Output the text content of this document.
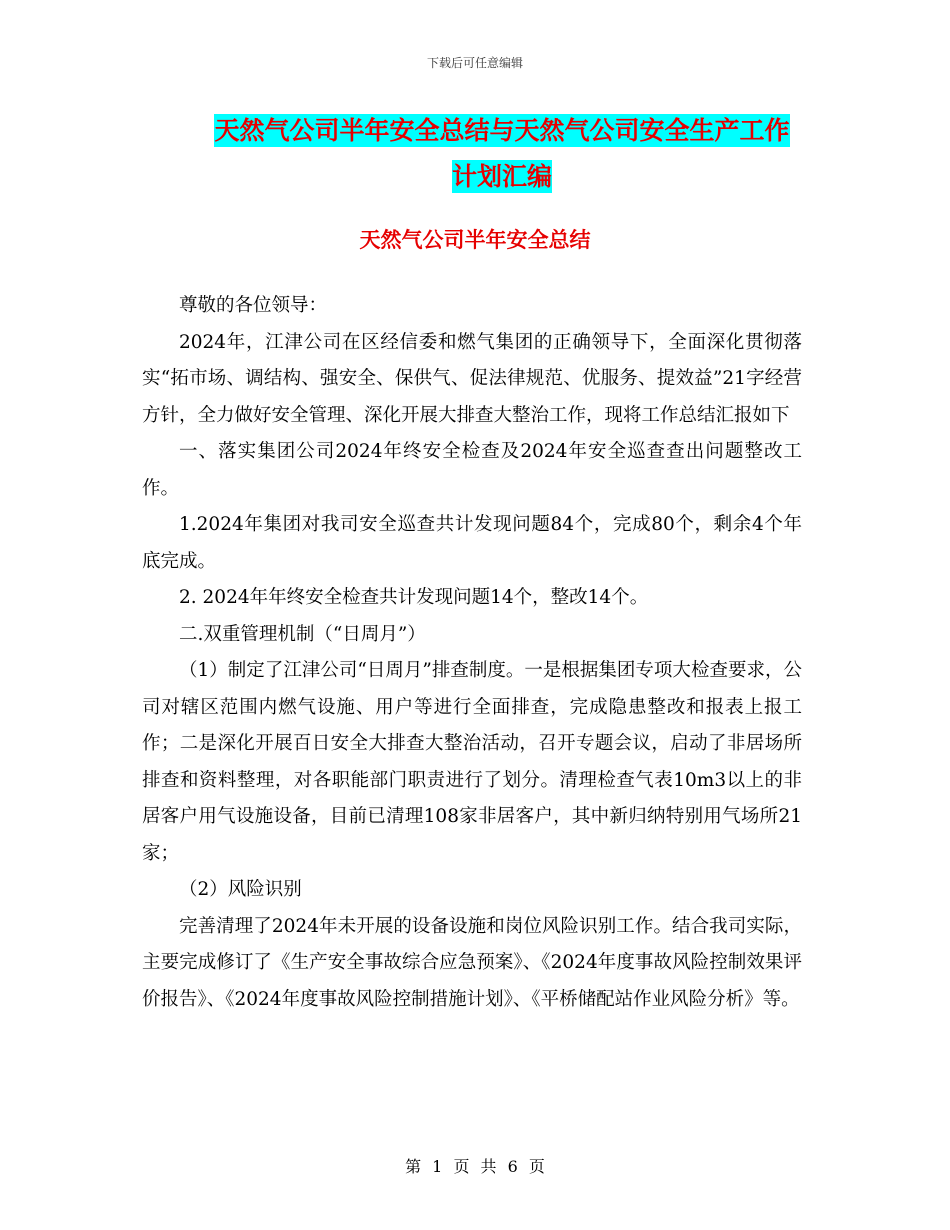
下载后可任意编辑
天然气公司半年安全总结与天然气公司安全生产工作
计划汇编
天然气公司半年安全总结

尊敬的各位领导：

2024年，江津公司在区经信委和燃气集团的正确领导下，全面深化贯彻落实“拓市场、调结构、强安全、保供气、促法律规范、优服务、提效益”21字经营方针，全力做好安全管理、深化开展大排查大整治工作，现将工作总结汇报如下

一、落实集团公司2024年终安全检查及2024年安全巡查查出问题整改工作。

1.2024年集团对我司安全巡查共计发现问题84个，完成80个，剩余4个年底完成。

2. 2024年年终安全检查共计发现问题14个，整改14个。

二.双重管理机制（“日周月”）

（1）制定了江津公司“日周月”排查制度。一是根据集团专项大检查要求，公司对辖区范围内燃气设施、用户等进行全面排查，完成隐患整改和报表上报工作；二是深化开展百日安全大排查大整治活动，召开专题会议，启动了非居场所排查和资料整理，对各职能部门职责进行了划分。清理检查气表10m3以上的非居客户用气设施设备，目前已清理108家非居客户，其中新归纳特别用气场所21家；

（2）风险识别

完善清理了2024年未开展的设备设施和岗位风险识别工作。结合我司实际，主要完成修订了《生产安全事故综合应急预案》、《2024年度事故风险控制效果评价报告》、《2024年度事故风险控制措施计划》、《平桥储配站作业风险分析》等。

第 1 页 共 6 页
